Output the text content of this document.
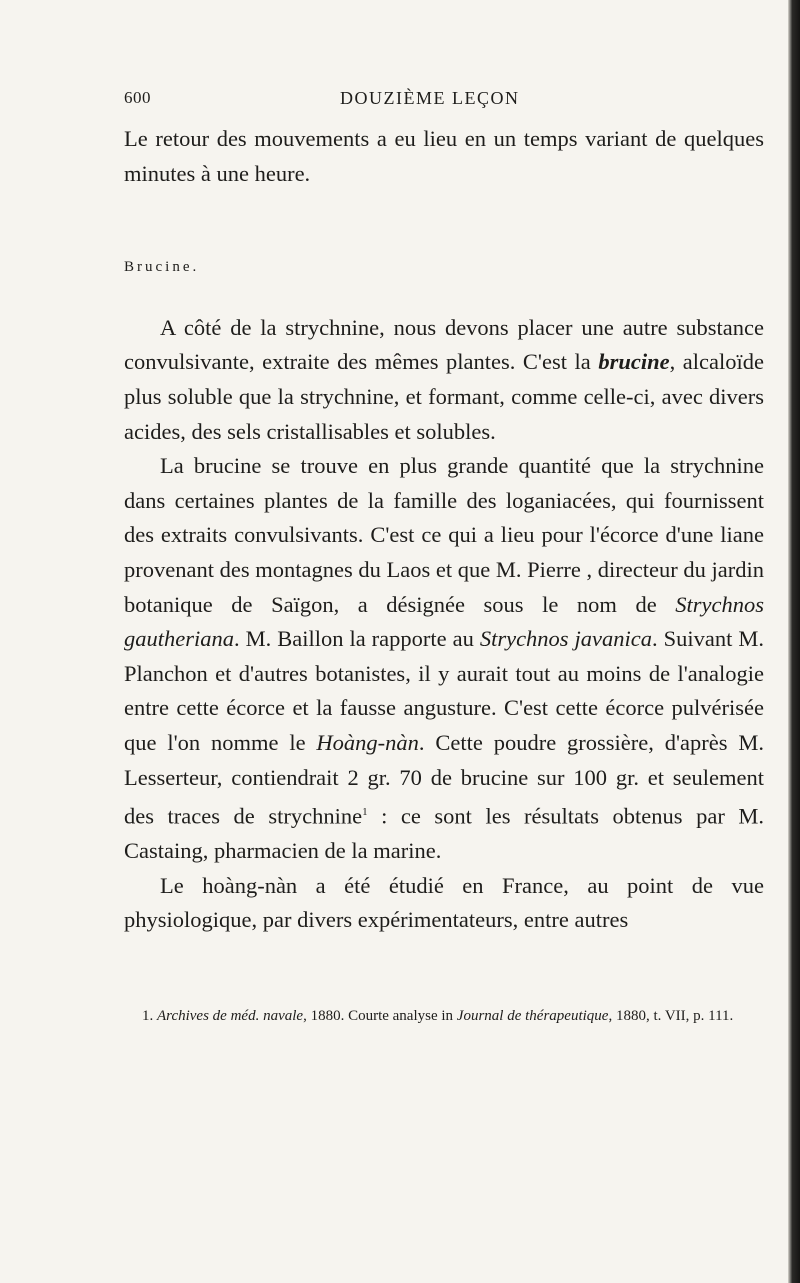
600	DOUZIÈME LEÇON

Le retour des mouvements a eu lieu en un temps variant de quelques minutes à une heure.

Brucine.

A côté de la strychnine, nous devons placer une autre substance convulsivante, extraite des mêmes plantes. C'est la brucine, alcaloïde plus soluble que la strychnine, et formant, comme celle-ci, avec divers acides, des sels cristallisables et solubles.

La brucine se trouve en plus grande quantité que la strychnine dans certaines plantes de la famille des loganiacées, qui fournissent des extraits convulsivants. C'est ce qui a lieu pour l'écorce d'une liane provenant des montagnes du Laos et que M. Pierre , directeur du jardin botanique de Saïgon, a désignée sous le nom de Strychnos gautheriana. M. Baillon la rapporte au Strychnos javanica. Suivant M. Planchon et d'autres botanistes, il y aurait tout au moins de l'analogie entre cette écorce et la fausse angusture. C'est cette écorce pulvérisée que l'on nomme le Hoàng-nàn. Cette poudre grossière, d'après M. Lesserteur, contiendrait 2 gr. 70 de brucine sur 100 gr. et seulement des traces de strychnine$^1$ : ce sont les résultats obtenus par M. Castaing, pharmacien de la marine.

Le hoàng-nàn a été étudié en France, au point de vue physiologique, par divers expérimentateurs, entre autres

1. Archives de méd. navale, 1880. Courte analyse in Journal de thérapeutique, 1880, t. VII, p. 111.
